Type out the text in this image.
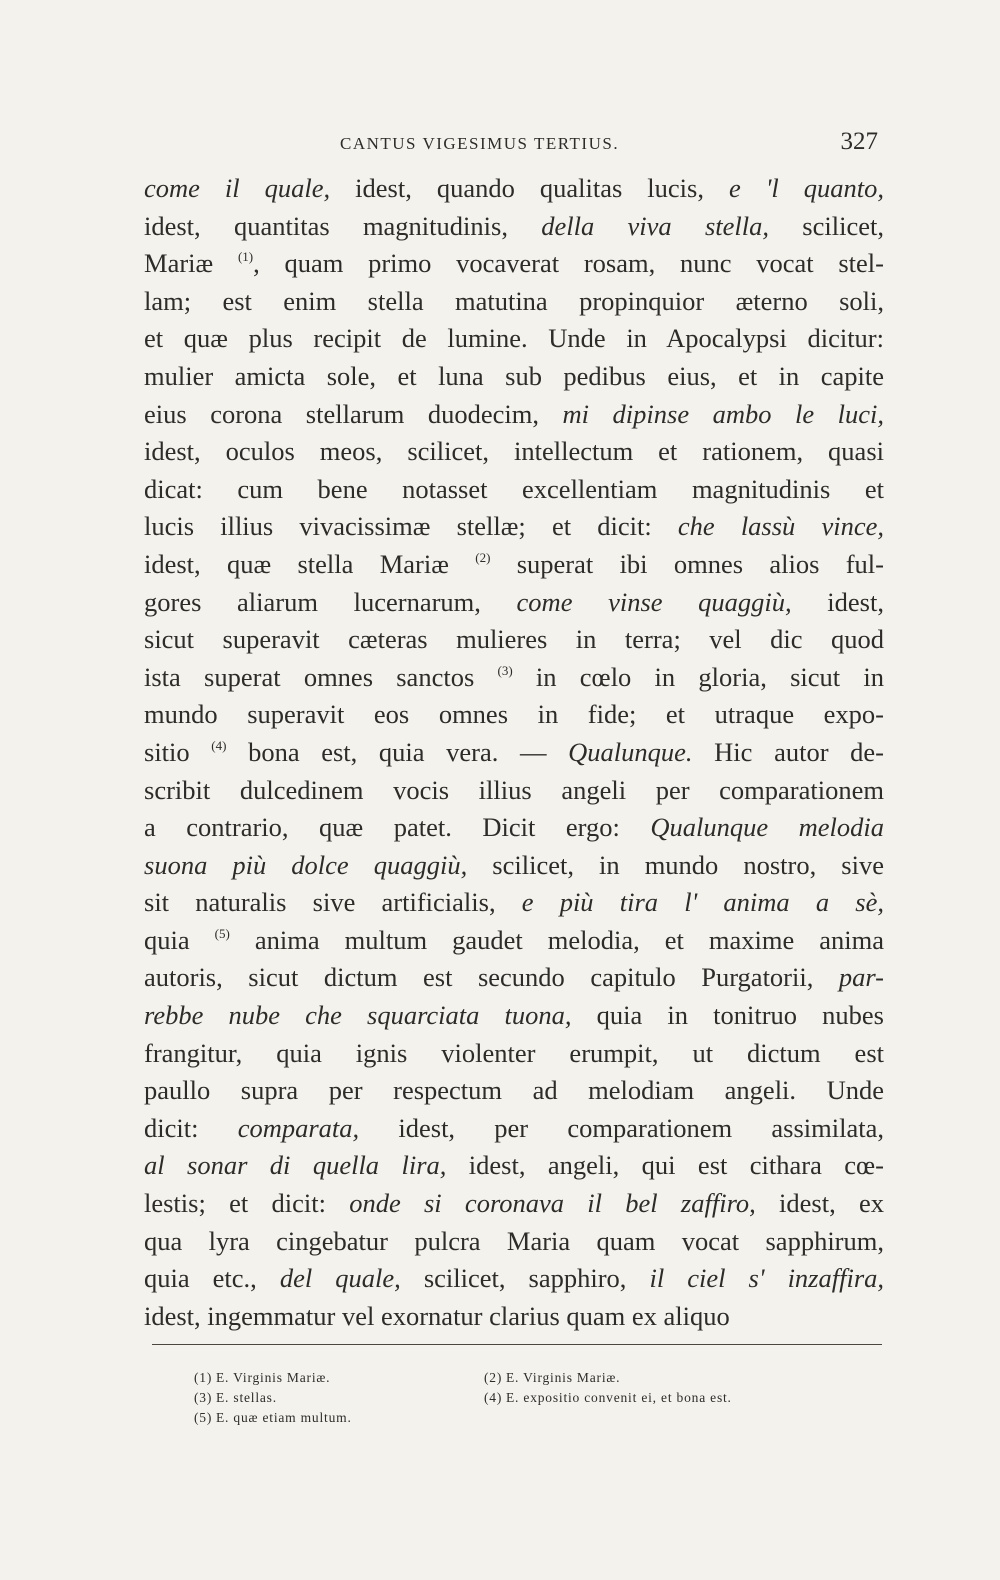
CANTUS VIGESIMUS TERTIUS.	327
come il quale, idest, quando qualitas lucis, e 'l quanto,
idest, quantitas magnitudinis, della viva stella, scilicet,
Mariæ $^{(1)}$, quam primo vocaverat rosam, nunc vocat stel-
lam; est enim stella matutina propinquior æterno soli,
et quæ plus recipit de lumine. Unde in Apocalypsi dicitur:
mulier amicta sole, et luna sub pedibus eius, et in capite
eius corona stellarum duodecim, mi dipinse ambo le luci,
idest, oculos meos, scilicet, intellectum et rationem, quasi
dicat: cum bene notasset excellentiam magnitudinis et
lucis illius vivacissimæ stellæ; et dicit: che lassù vince,
idest, quæ stella Mariæ $^{(2)}$ superat ibi omnes alios ful-
gores aliarum lucernarum, come vinse quaggiù, idest,
sicut superavit cæteras mulieres in terra; vel dic quod
ista superat omnes sanctos $^{(3)}$ in cœlo in gloria, sicut in
mundo superavit eos omnes in fide; et utraque expo-
sitio $^{(4)}$ bona est, quia vera. — Qualunque. Hic autor de-
scribit dulcedinem vocis illius angeli per comparationem
a contrario, quæ patet. Dicit ergo: Qualunque melodia
suona più dolce quaggiù, scilicet, in mundo nostro, sive
sit naturalis sive artificialis, e più tira l' anima a sè,
quia $^{(5)}$ anima multum gaudet melodia, et maxime anima
autoris, sicut dictum est secundo capitulo Purgatorii, par-
rebbe nube che squarciata tuona, quia in tonitruo nubes
frangitur, quia ignis violenter erumpit, ut dictum est
paullo supra per respectum ad melodiam angeli. Unde
dicit: comparata, idest, per comparationem assimilata,
al sonar di quella lira, idest, angeli, qui est cithara cœ-
lestis; et dicit: onde si coronava il bel zaffiro, idest, ex
qua lyra cingebatur pulcra Maria quam vocat sapphirum,
quia etc., del quale, scilicet, sapphiro, il ciel s' inzaffira,
idest, ingemmatur vel exornatur clarius quam ex aliquo
(1) E. Virginis Mariæ.
(3) E. stellas.
(5) E. quæ etiam multum.
(2) E. Virginis Mariæ.
(4) E. expositio convenit ei, et bona est.
